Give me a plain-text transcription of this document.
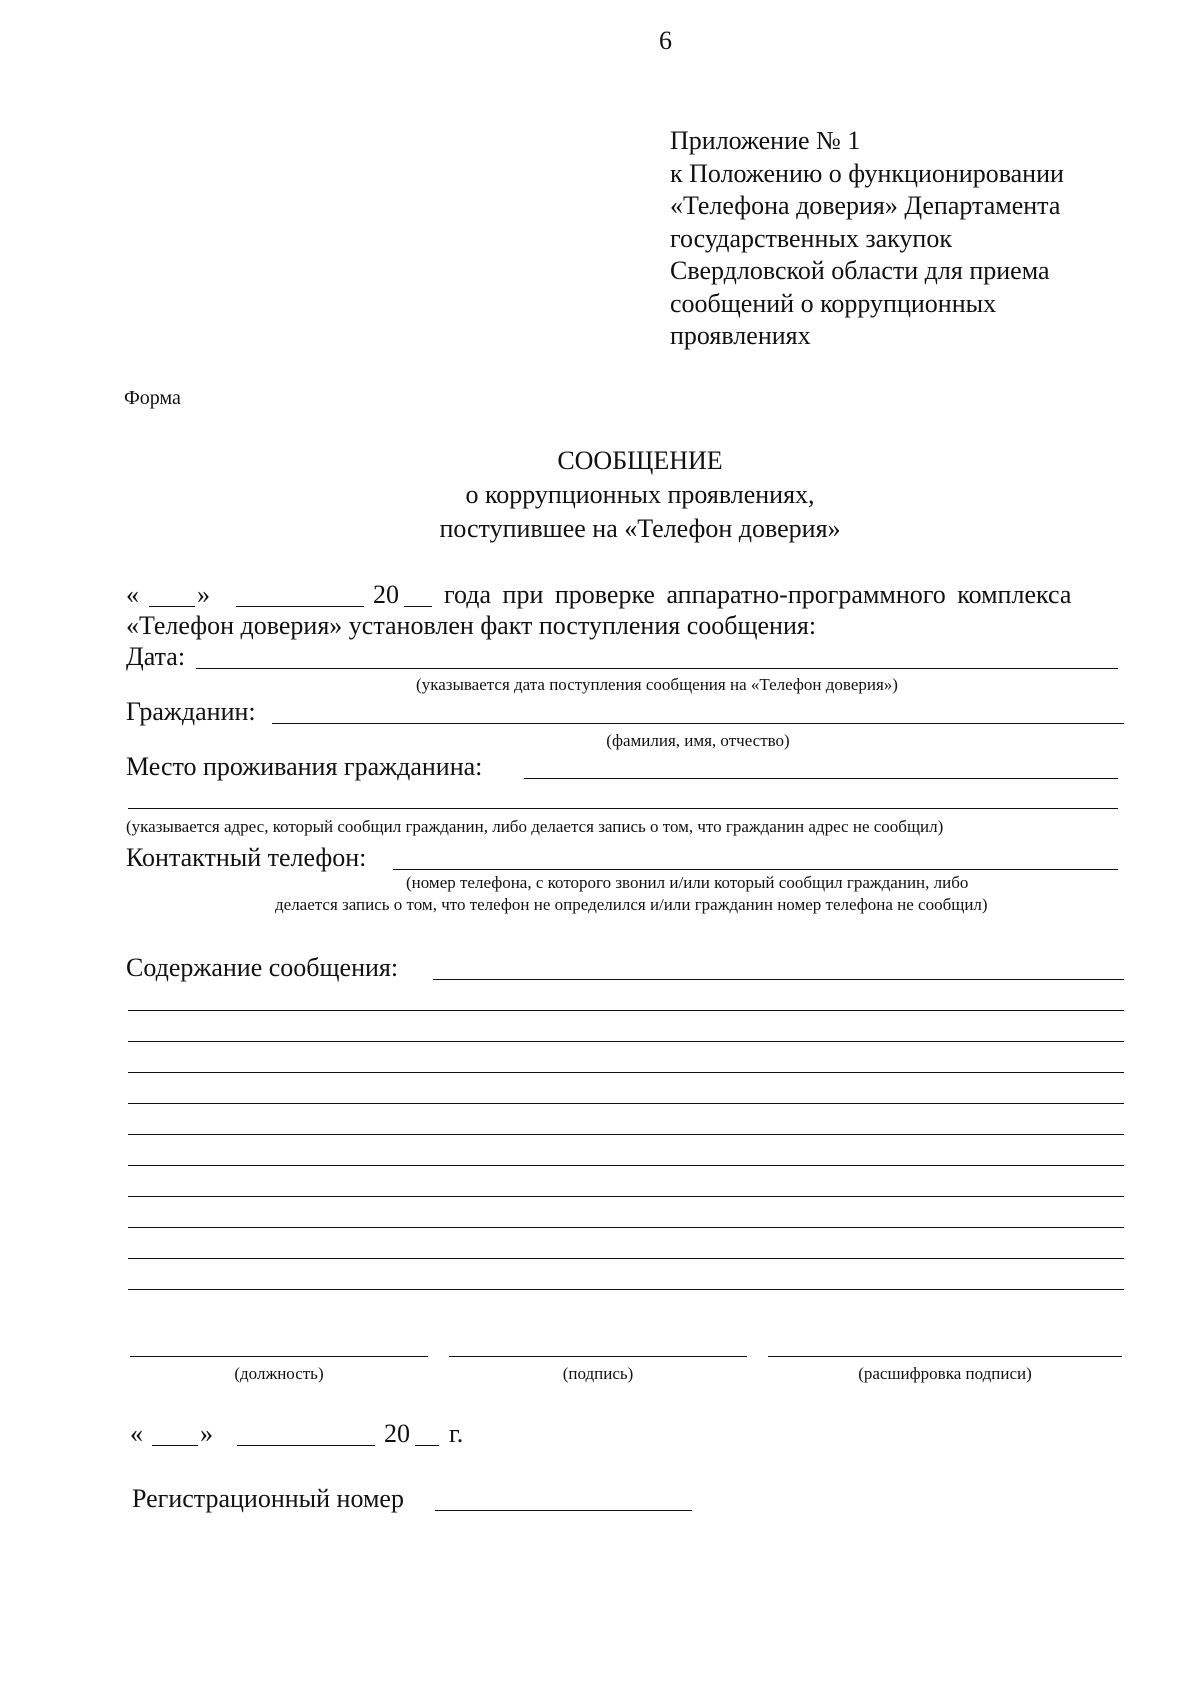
6
Приложение № 1
к Положению о функционировании
«Телефона доверия» Департамента
государственных закупок
Свердловской области для приема
сообщений о коррупционных
проявлениях
Форма
СООБЩЕНИЕ
о коррупционных проявлениях,
поступившее на «Телефон доверия»
« »	20 года при проверке аппаратно-программного комплекса
«Телефон доверия» установлен факт поступления сообщения:
Дата:
(указывается дата поступления сообщения на «Телефон доверия»)
Гражданин:
(фамилия, имя, отчество)
Место проживания гражданина:
(указывается адрес, который сообщил гражданин, либо делается запись о том, что гражданин адрес не сообщил)
Контактный телефон:
(номер телефона, с которого звонил и/или который сообщил гражданин, либо
делается запись о том, что телефон не определился и/или гражданин номер телефона не сообщил)
Содержание сообщения:
(должность)	(подпись)	(расшифровка подписи)
« »	20 г.
Регистрационный номер
